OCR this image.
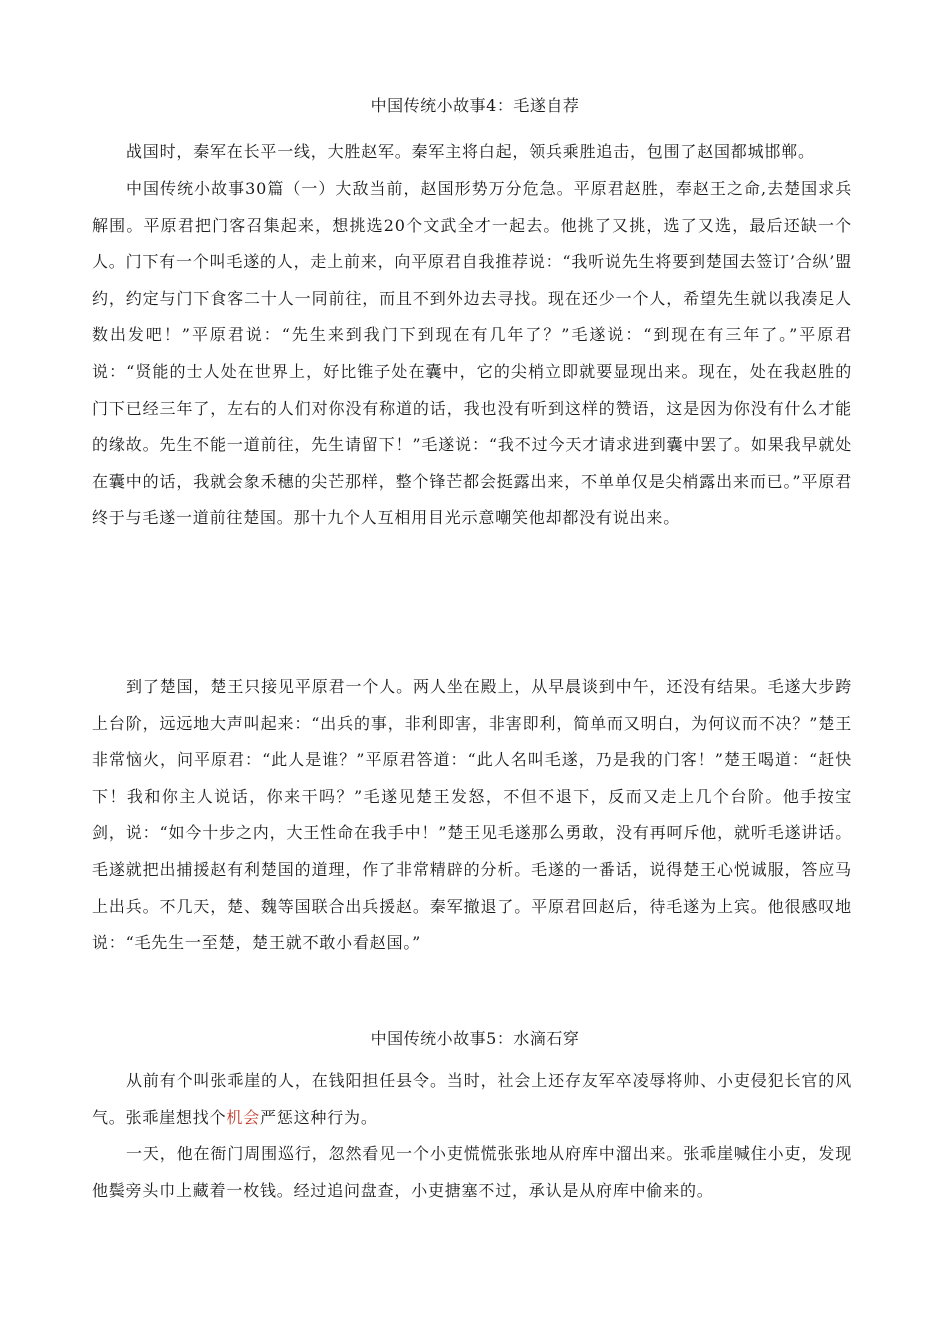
中国传统小故事4：毛遂自荐

战国时，秦军在长平一线，大胜赵军。秦军主将白起，领兵乘胜追击，包围了赵国都城邯郸。

中国传统小故事30篇（一）大敌当前，赵国形势万分危急。平原君赵胜，奉赵王之命,去楚国求兵解围。平原君把门客召集起来，想挑选20个文武全才一起去。他挑了又挑，选了又选，最后还缺一个人。门下有一个叫毛遂的人，走上前来，向平原君自我推荐说：“我听说先生将要到楚国去签订’合纵’盟约，约定与门下食客二十人一同前往，而且不到外边去寻找。现在还少一个人，希望先生就以我凑足人数出发吧！”平原君说：“先生来到我门下到现在有几年了？”毛遂说：“到现在有三年了。”平原君说：“贤能的士人处在世界上，好比锥子处在囊中，它的尖梢立即就要显现出来。现在，处在我赵胜的门下已经三年了，左右的人们对你没有称道的话，我也没有听到这样的赞语，这是因为你没有什么才能的缘故。先生不能一道前往，先生请留下！”毛遂说：“我不过今天才请求进到囊中罢了。如果我早就处在囊中的话，我就会象禾穗的尖芒那样，整个锋芒都会挺露出来，不单单仅是尖梢露出来而已。”平原君终于与毛遂一道前往楚国。那十九个人互相用目光示意嘲笑他却都没有说出来。

到了楚国，楚王只接见平原君一个人。两人坐在殿上，从早晨谈到中午，还没有结果。毛遂大步跨上台阶，远远地大声叫起来：“出兵的事，非利即害，非害即利，简单而又明白，为何议而不决？”楚王非常恼火，问平原君：“此人是谁？”平原君答道：“此人名叫毛遂，乃是我的门客！”楚王喝道：“赶快下！我和你主人说话，你来干吗？”毛遂见楚王发怒，不但不退下，反而又走上几个台阶。他手按宝剑，说：“如今十步之内，大王性命在我手中！”楚王见毛遂那么勇敢，没有再呵斥他，就听毛遂讲话。毛遂就把出捕援赵有利楚国的道理，作了非常精辟的分析。毛遂的一番话，说得楚王心悦诚服，答应马上出兵。不几天，楚、魏等国联合出兵援赵。秦军撤退了。平原君回赵后，待毛遂为上宾。他很感叹地说：“毛先生一至楚，楚王就不敢小看赵国。”

中国传统小故事5：水滴石穿

从前有个叫张乖崖的人，在钱阳担任县令。当时，社会上还存友军卒凌辱将帅、小吏侵犯长官的风气。张乖崖想找个机会严惩这种行为。

一天，他在衙门周围巡行，忽然看见一个小吏慌慌张张地从府库中溜出来。张乖崖喊住小吏，发现他鬓旁头巾上藏着一枚钱。经过追问盘查，小吏搪塞不过，承认是从府库中偷来的。
